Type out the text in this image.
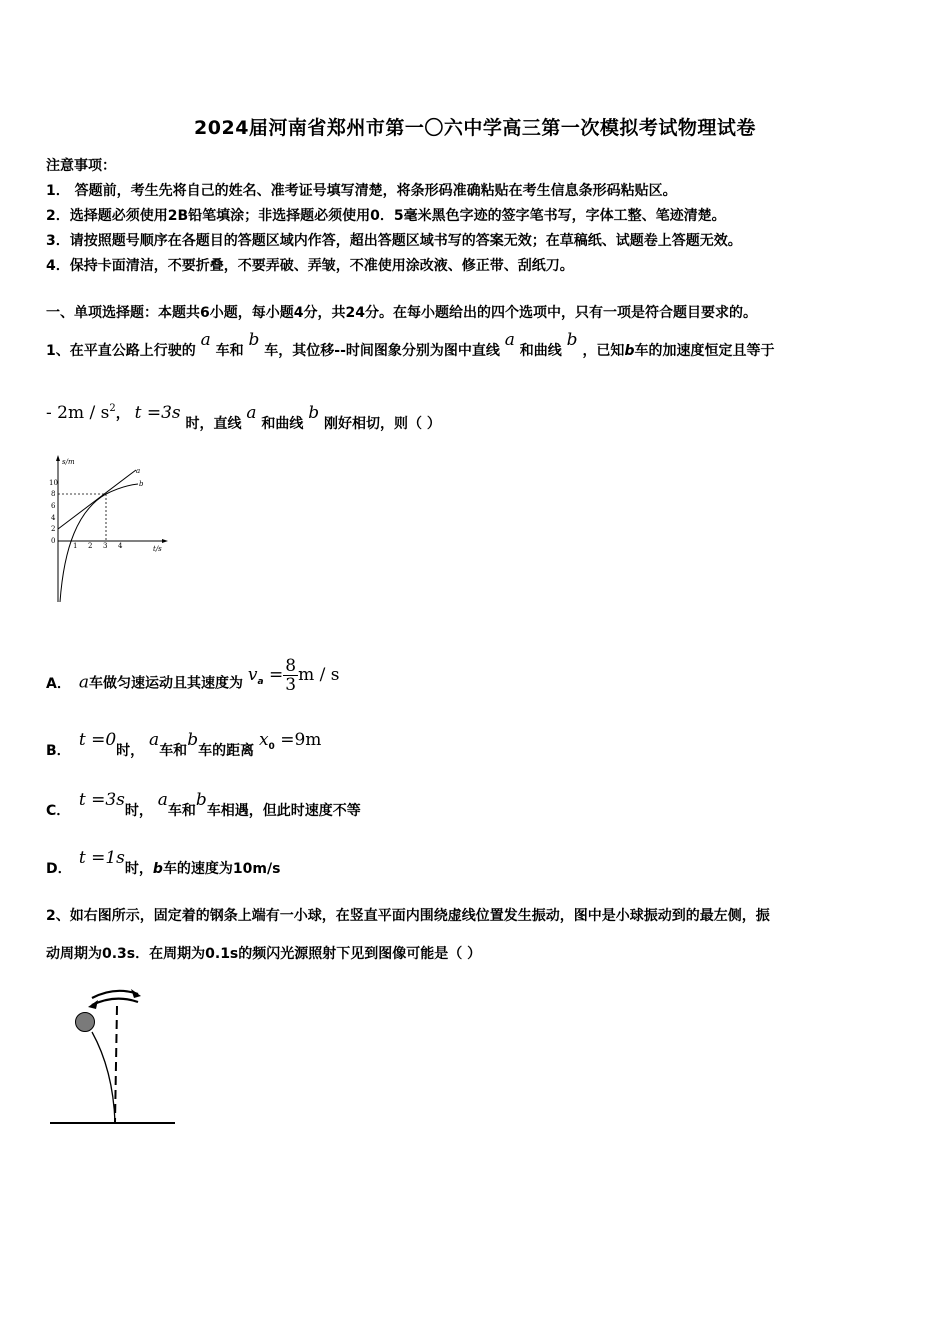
2024届河南省郑州市第一〇六中学高三第一次模拟考试物理试卷
注意事项：
1． 答题前，考生先将自己的姓名、准考证号填写清楚，将条形码准确粘贴在考生信息条形码粘贴区。
2．选择题必须使用2B铅笔填涂；非选择题必须使用0．5毫米黑色字迹的签字笔书写，字体工整、笔迹清楚。
3．请按照题号顺序在各题目的答题区域内作答，超出答题区域书写的答案无效；在草稿纸、试题卷上答题无效。
4．保持卡面清洁，不要折叠，不要弄破、弄皱，不准使用涂改液、修正带、刮纸刀。
一、单项选择题：本题共6小题，每小题4分，共24分。在每小题给出的四个选项中，只有一项是符合题目要求的。
1、在平直公路上行驶的 a 车和 b 车，其位移--时间图象分别为图中直线 a 和曲线 b ，已知b车的加速度恒定且等于
- $2m / s^2$， t =3s 时，直线 a 和曲线 b 刚好相切，则（ ）
s/m
t/s
10
8
6
4
2
0
1 2 3 4
a
b
A． a车做匀速运动且其速度为 $v_a = \frac{8}{3}$ m / s
B． t =0时， a车和b车的距离 $x_0 =9m$
C． t =3s时， a车和b车相遇，但此时速度不等
D． t =1s时，b车的速度为10m/s
2、如右图所示，固定着的钢条上端有一小球，在竖直平面内围绕虚线位置发生振动，图中是小球振动到的最左侧，振
动周期为0.3s．在周期为0.1s的频闪光源照射下见到图像可能是（ ）
